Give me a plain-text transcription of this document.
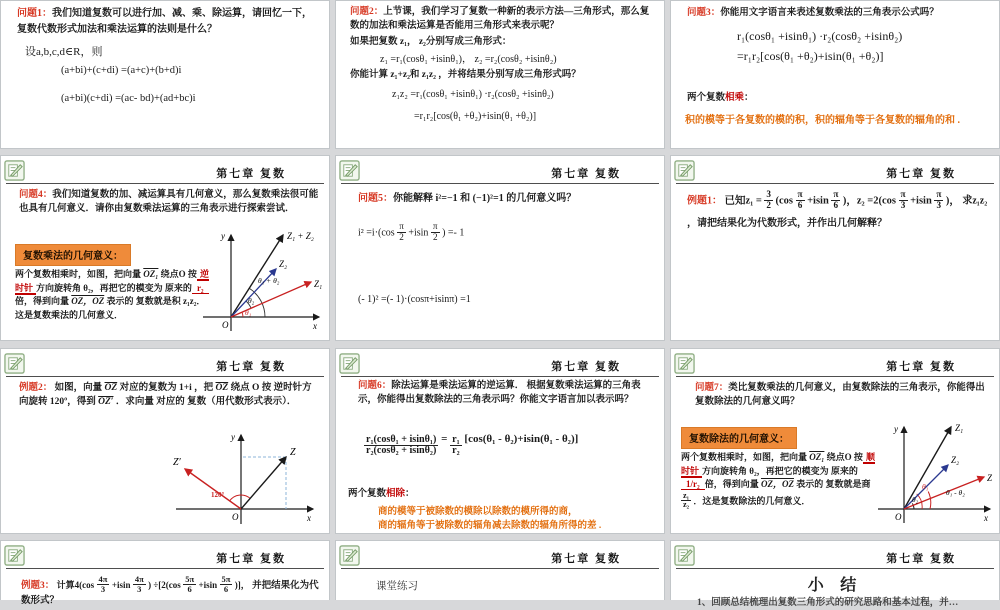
问题1：我们知道复数可以进行加、减、乘、除运算，请回忆一下，复数代数形式加法和乘法运算的法则是什么？
设a,b,c,d∈R，则
(a+bi)+(c+di) =(a+c)+(b+d)i
(a+bi)(c+di) =(ac- bd)+(ad+bc)i
问题2：上节课，我们学习了复数一种新的表示方法—三角形式，那么复数的加法和乘法运算是否能用三角形式来表示呢？
如果把复数 z₁， z₂分别写成三角形式：
z₁ =r₁(cosθ₁ +isinθ₁)， z₂ =r₂(cosθ₂ +isinθ₂)
你能计算 z₁+z₂和 z₁z₂ ，并将结果分别写成三角形式吗？
z₁z₂ =r₁(cosθ₁ +isinθ₁) ·r₂(cosθ₂ +isinθ₂)
=r₁r₂[cos(θ₁ +θ₂)+isin(θ₁ +θ₂)]
问题3：你能用文字语言来表述复数乘法的三角表示公式吗？
r₁(cosθ₁ +isinθ₁) ·r₂(cosθ₂ +isinθ₂)
=r₁r₂[cos(θ₁ +θ₂)+isin(θ₁ +θ₂)]
两个复数相乘：
积的模等于各复数的模的积，积的辐角等于各复数的辐角的和 .
第七章 复数
问题4：我们知道复数的加、减运算具有几何意义，那么复数乘法很可能也具有几何意义．请你由复数乘法运算的三角表示进行探索尝试．
复数乘法的几何意义：
两个复数相乘时，如图，把向量 OZ₁ 绕点O 按 逆时针 方向旋转角 θ₂，再把它的模变为 原来的 r₂倍，得到向量 OZ，OZ 表示的 复数就是积 z₁z₂．这是复数乘法的几何意义．
Z₁ + Z₂
Z₂
Z₁
θ₁ + θ₂
θ₂
θ₁
O	x
y
第七章 复数
问题5：你能解释 i²=−1 和 (−1)²=1 的几何意义吗？
$i^2 =i\cdot(\cos \frac{\pi}{2} +isin \frac{\pi}{2}$ ) =- 1
(- 1)² =(- 1)·(cosπ+isinπ) =1
第七章 复数
例题1： 已知$z_1 = \frac{3}{2} (\cos \frac{\pi}{6} +isin \frac{\pi}{6}$ )，$z_2 =2(\cos \frac{\pi}{3} +isin \frac{\pi}{3}$ )， 求z₁z₂ ，请把结果化为代数形式，并作出几何解释？
第七章 复数
例题2： 如图，向量 $\overline{OZ}$ 对应的复数为 1+i ，把 $\overline{OZ}$ 绕点 O 按 逆时针方向旋转 120º，得到 OZ′ ．求向量 对应的 复数（用代数形式表示）．
Z
Z′
120°
O	x
y
第七章 复数
问题6：除法运算是乘法运算的逆运算． 根据复数乘法运算的三角表示，你能得出复数除法的三角表示吗？你能文字语言加以表示吗？
$\frac{\text{r₁(cosθ₁ + isinθ₁)}}{\text{r₂(cosθ₂ + isinθ₂)}} = \frac{\text{r₁}}{\text{r₂}} [\cos(\theta_1 - \theta_2)+isin(\theta_1 - \theta_2)]$
两个复数相除：
商的模等于被除数的模除以除数的模所得的商，
商的辐角等于被除数的辐角减去除数的辐角所得的差 .
第七章 复数
问题7：类比复数乘法的几何意义，由复数除法的三角表示，你能得出复数除法的几何意义吗？
复数除法的几何意义：
两个复数相乘时，如图，把向量 OZ₁ 绕点O 按 顺时针 方向旋转角 θ₂，再把它的模变为 原来的1/r₂ 倍，得到向量 OZ，OZ 表示的 复数就是商
$\frac{\text{z₁}}{\text{z₂}}$ ．这是复数除法的几何意义．
Z₁
Z₂
Z
θ₁ - θ₂
θ₁
θ₂
O	x
y
第七章 复数
例题3： 计算$4(\cos \frac{4\pi}{3} +isin \frac{4\pi}{3}$ ) $\div[2(\cos \frac{5\pi}{6} +isin \frac{5\pi}{6}$ )]， 并把结果化为代数形式？
第七章 复数
课堂练习
第七章 复数
小 结
1、回顾总结梳理出复数三角形式的研究思路和基本过程，并…
